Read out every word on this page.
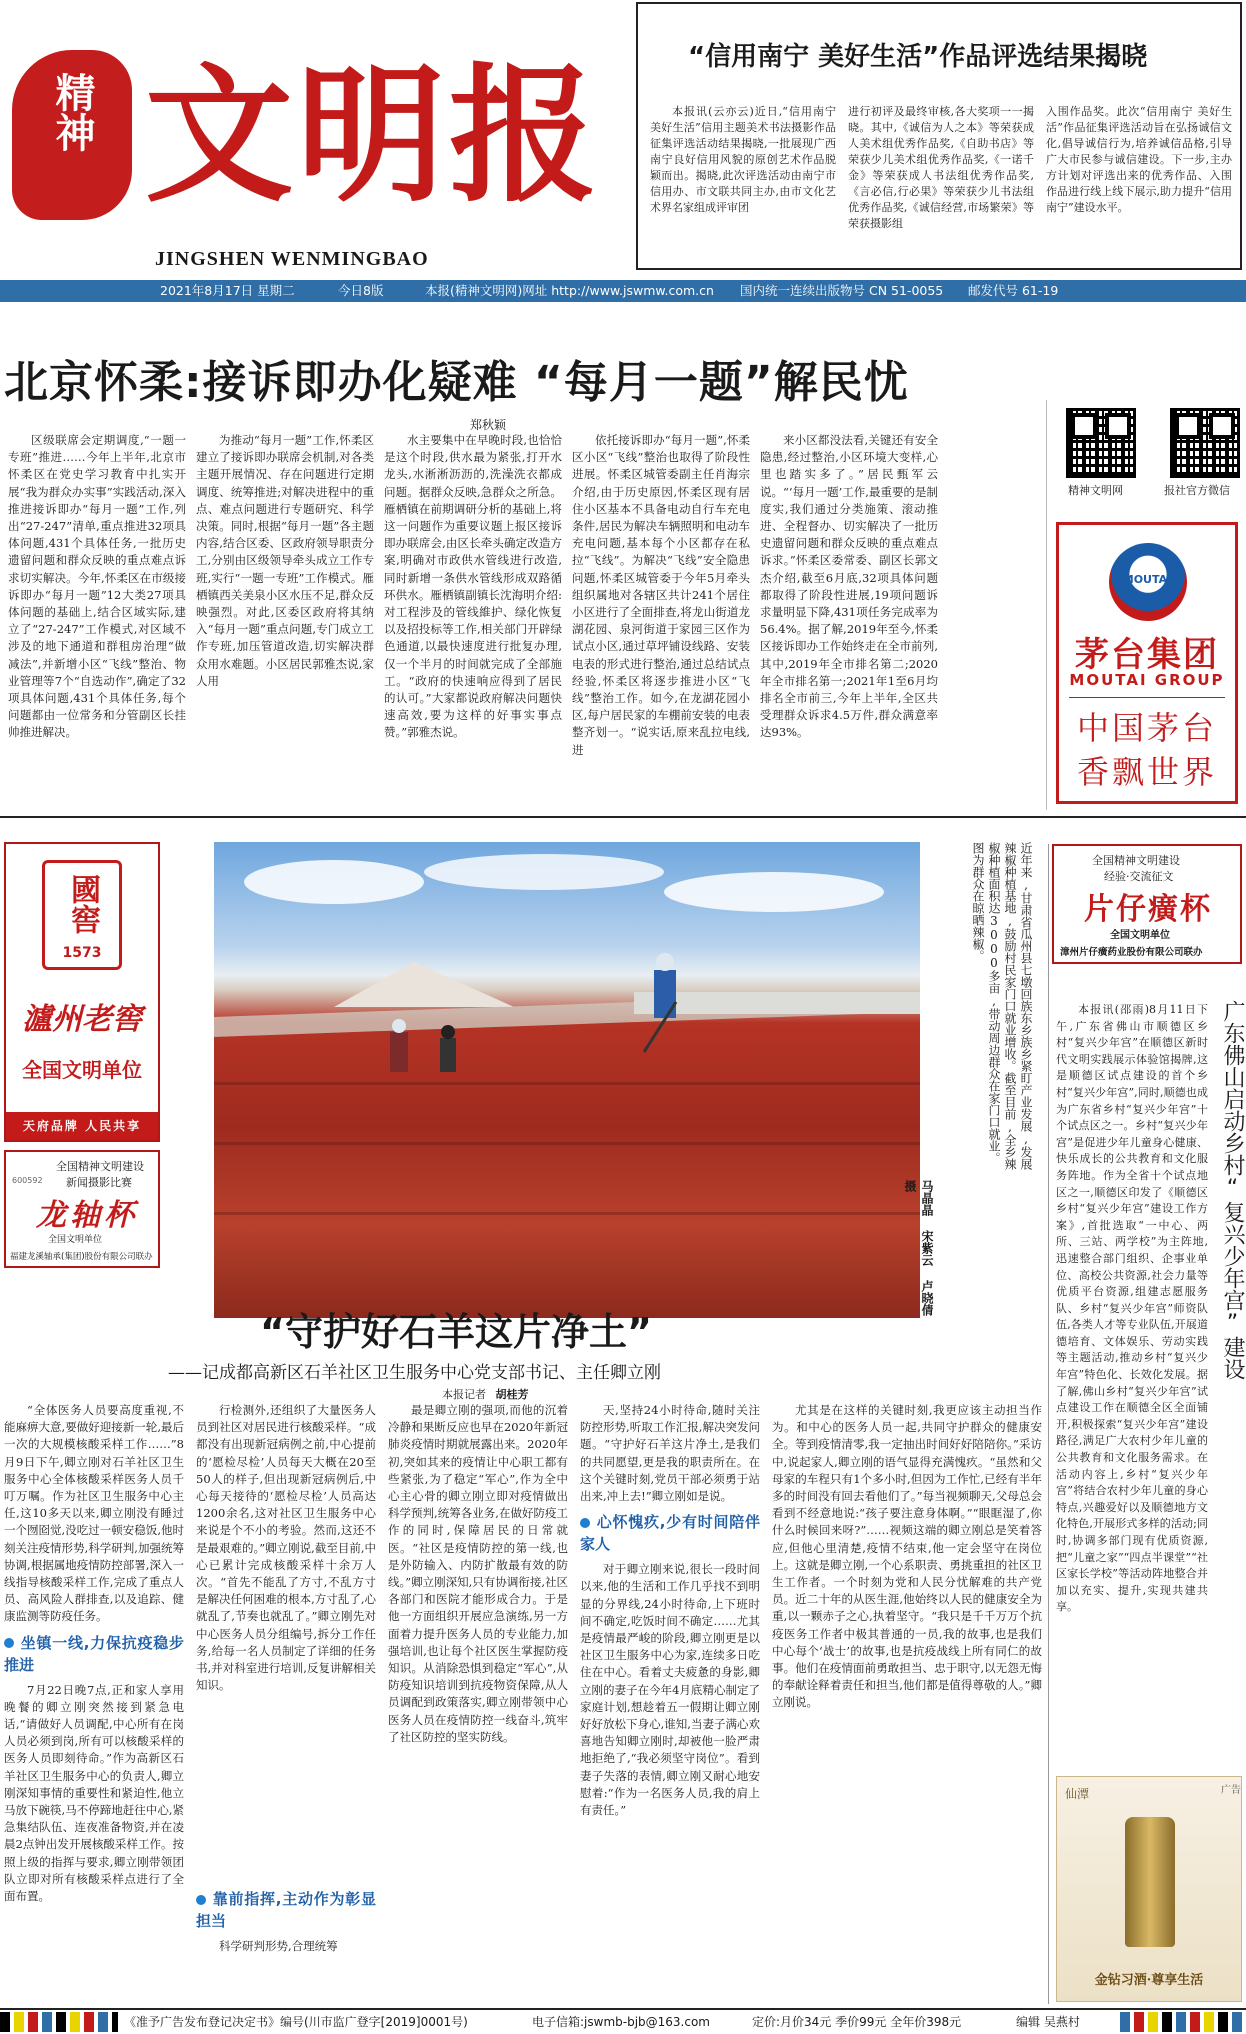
精神 文明报
JINGSHEN WENMINGBAO
“信用南宁 美好生活”作品评选结果揭晓
本报讯(云亦云)近日,“信用南宁 美好生活”信用主题美术书法摄影作品征集评选活动结果揭晓,一批展现广西南宁良好信用风貌的原创艺术作品脱颖而出。揭晓,此次评选活动由南宁市信用办、市文联共同主办,由市文化艺术界名家组成评审团
进行初评及最终审核,各大奖项一一揭晓。其中,《诚信为人之本》等荣获成人美术组优秀作品奖,《自助书店》等荣获少儿美术组优秀作品奖,《一诺千金》等荣获成人书法组优秀作品奖,《言必信,行必果》等荣获少儿书法组优秀作品奖,《诚信经营,市场繁荣》等荣获摄影组
入围作品奖。此次“信用南宁 美好生活”作品征集评选活动旨在弘扬诚信文化,倡导诚信行为,培养诚信品格,引导广大市民参与诚信建设。下一步,主办方计划对评选出来的优秀作品、入围作品进行线上线下展示,助力提升“信用南宁”建设水平。
2021年8月17日 星期二	今日8版	本报(精神文明网)网址 http://www.jswmw.com.cn 国内统一连续出版物号 CN 51-0055 邮发代号 61-19
北京怀柔:接诉即办化疑难 “每月一题”解民忧
郑秋颖

区级联席会定期调度,“一题一专班”推进……今年上半年,北京市怀柔区在党史学习教育中扎实开展“我为群众办实事”实践活动,深入推进接诉即办“每月一题”工作,列出“27-247”清单,重点推进32项具体问题,431个具体任务,一批历史遗留问题和群众反映的重点难点诉求切实解决。今年,怀柔区在市级接诉即办“每月一题”12大类27项具体问题的基础上,结合区域实际,建立了“27-247”工作模式,对区域不涉及的地下通道和群租房治理“做减法”,并新增小区“飞线”整治、物业管理等7个“自选动作”,确定了32项具体问题,431个具体任务,每个问题都由一位常务和分管副区长挂帅推进解决。

为推动“每月一题”工作,怀柔区建立了接诉即办联席会机制,对各类主题开展情况、存在问题进行定期调度、统筹推进;对解决进程中的重点、难点问题进行专题研究、科学决策。同时,根据“每月一题”各主题内容,结合区委、区政府领导职责分工,分别由区级领导牵头成立工作专班,实行“一题一专班”工作模式。雁栖镇西关美泉小区水压不足,群众反映强烈。对此,区委区政府将其纳入“每月一题”重点问题,专门成立工作专班,加压管道改造,切实解决群众用水难题。小区居民郭雅杰说,家人用

水主要集中在早晚时段,也恰恰是这个时段,供水最为紧张,打开水龙头,水淅淅沥沥的,洗澡洗衣都成问题。据群众反映,急群众之所急。雁栖镇在前期调研分析的基础上,将这一问题作为重要议题上报区接诉即办联席会,由区长牵头确定改造方案,明确对市政供水管线进行改造,同时新增一条供水管线形成双路循环供水。雁栖镇副镇长沈海明介绍:对工程涉及的管线維护、绿化恢复以及招投标等工作,相关部门开辟绿色通道,以最快速度进行批复办理,仅一个半月的时间就完成了全部施工。“政府的快速响应得到了居民的认可。”大家都说政府解决问题快速高效,要为这样的好事实事点赞。”郭雅杰说。

依托接诉即办“每月一题”,怀柔区小区“飞线”整治也取得了阶段性进展。怀柔区城管委副主任肖海宗介绍,由于历史原因,怀柔区现有居住小区基本不具备电动自行车充电条件,居民为解决车辆照明和电动车充电问题,基本每个小区都存在私拉“飞线”。为解决“飞线”安全隐患问题,怀柔区城管委于今年5月牵头组织属地对各辖区共计241个居住小区进行了全面排查,将龙山街道龙湖花园、泉河街道于家园三区作为试点小区,通过草坪铺设线路、安装电表的形式进行整治,通过总结试点经验,怀柔区将逐步推进小区“飞线”整治工作。如今,在龙湖花园小区,每户居民家的车棚前安装的电表整齐划一。“说实话,原来乱拉电线,进

来小区都没法看,关键还有安全隐患,经过整治,小区环境大变样,心里也踏实多了。”居民甄军云说。“‘每月一题’工作,最重要的是制度实,我们通过分类施策、滚动推进、全程督办、切实解决了一批历史遗留问题和群众反映的重点难点诉求。”怀柔区委常委、副区长郭文杰介绍,截至6月底,32项具体问题都取得了阶段性进展,19项问题诉求量明显下降,431项任务完成率为56.4%。据了解,2019年至今,怀柔区接诉即办工作始终走在全市前列,其中,2019年全市排名第二;2020年全市排名第一;2021年1至6月均排名全市前三,今年上半年,全区共受理群众诉求4.5万件,群众满意率达93%。

精神文明网	报社官方微信
MOUTAI
茅台集团
MOUTAI GROUP
中国茅台
香飘世界
國窖
1573
瀘州老窖
全国文明单位
天府品牌 人民共享
全国精神文明建设
新闻摄影比赛
600592
龙轴杯
全国文明单位
福建龙溪轴承(集团)股份有限公司联办
近年来,甘肃省瓜州县七墩回族东乡族乡紧盯产业发展,发展辣椒种植基地,鼓励村民家门口就业增收。截至目前,全乡辣椒种植面积达3000多亩,带动周边群众在家门口就业。图为群众在晾晒辣椒。
马晶晶 宋紫云 卢晓倩 摄
全国精神文明建设
经验·交流征文
片仔癀杯
全国文明单位
漳州片仔癀药业股份有限公司联办
广东佛山启动乡村“复兴少年宫”建设

本报讯(邵雨)8月11日下午,广东省佛山市顺德区乡村“复兴少年宫”在顺德区新时代文明实践展示体验馆揭牌,这是顺德区试点建设的首个乡村“复兴少年宫”,同时,顺德也成为广东省乡村“复兴少年宫”十个试点区之一。乡村“复兴少年宫”是促进少年儿童身心健康、快乐成长的公共教育和文化服务阵地。作为全省十个试点地区之一,顺德区印发了《顺德区乡村“复兴少年宫”建设工作方案》,首批选取“一中心、两所、三站、两学校”为主阵地,迅速整合部门组织、企事业单位、高校公共资源,社会力量等优质平台资源,组建志愿服务队、乡村“复兴少年宫”师资队伍,各类人才等专业队伍,开展道德培育、文体娱乐、劳动实践等主题活动,推动乡村“复兴少年宫”特色化、长效化发展。据了解,佛山乡村“复兴少年宫”试点建设工作在顺德全区全面铺开,积极探索“复兴少年宫”建设路径,满足广大农村少年儿童的公共教育和文化服务需求。在活动内容上,乡村“复兴少年宫”将结合农村少年儿童的身心特点,兴趣爱好以及顺德地方文化特色,开展形式多样的活动;同时,协调多部门现有优质资源,把“儿童之家”“四点半课堂”“社区家长学校”等活动阵地整合并加以充实、提升,实现共建共享。

广告
仙潭
金钻习酒·尊享生活
“守护好石羊这片净土”
——记成都高新区石羊社区卫生服务中心党支部书记、主任卿立刚
本报记者 胡桂芳

“全体医务人员要高度重视,不能麻痹大意,要做好迎接新一轮,最后一次的大规模核酸采样工作……”8月9日下午,卿立刚对石羊社区卫生服务中心全体核酸采样医务人员千叮万嘱。作为社区卫生服务中心主任,这10多天以来,卿立刚没有睡过一个囫囵觉,没吃过一顿安稳饭,他时刻关注疫情形势,科学研判,加强统筹协调,根据属地疫情防控部署,深入一线指导核酸采样工作,完成了重点人员、高风险人群排查,以及追踪、健康监测等防疫任务。

坐镇一线,力保抗疫稳步推进

7月22日晚7点,正和家人享用晚餐的卿立刚突然接到紧急电话,“请做好人员调配,中心所有在岗人员必须到岗,所有可以核酸采样的医务人员即刻待命。”作为高新区石羊社区卫生服务中心的负责人,卿立刚深知事情的重要性和紧迫性,他立马放下碗筷,马不停蹄地赶往中心,紧急集结队伍、连夜准备物资,并在凌晨2点钟出发开展核酸采样工作。按照上级的指挥与要求,卿立刚带领团队立即对所有核酸采样点进行了全面布置。

行检测外,还组织了大量医务人员到社区对居民进行核酸采样。“成都没有出现新冠病例之前,中心提前的‘愿检尽检’人员每天大概在20至50人的样子,但出现新冠病例后,中心每天接待的‘愿检尽检’人员高达1200余名,这对社区卫生服务中心来说是个不小的考验。然而,这还不是最艰难的。”卿立刚说,截至目前,中心已累计完成核酸采样十余万人次。“首先不能乱了方寸,不乱方寸是解决任何困难的根本,方寸乱了,心就乱了,节奏也就乱了。”卿立刚先对中心医务人员分组编号,拆分工作任务,给每一名人员制定了详细的任务书,并对科室进行培训,反复讲解相关知识。

靠前指挥,主动作为彰显担当

科学研判形势,合理统筹

最是卿立刚的强项,而他的沉着冷静和果断反应也早在2020年新冠肺炎疫情时期就展露出来。2020年初,突如其来的疫情让中心职工都有些紧张,为了稳定“军心”,作为全中心主心骨的卿立刚立即对疫情做出科学预判,统筹各业务,在做好防疫工作的同时,保障居民的日常就医。“社区是疫情防控的第一线,也是外防输入、内防扩散最有效的防线。”卿立刚深知,只有协调衔接,社区各部门和医院才能形成合力。于是他一方面组织开展应急演练,另一方面着力提升医务人员的专业能力,加强培训,也让每个社区医生掌握防疫知识。从消除恐惧到稳定“军心”,从防疫知识培训到抗疫物资保障,从人员调配到政策落实,卿立刚带领中心医务人员在疫情防控一线奋斗,筑牢了社区防控的坚实防线。

天,坚持24小时待命,随时关注防控形势,听取工作汇报,解决突发问题。“守护好石羊这片净土,是我们的共同愿望,更是我的职责所在。在这个关键时刻,党员干部必须勇于站出来,冲上去!”卿立刚如是说。

心怀愧疚,少有时间陪伴家人

对于卿立刚来说,很长一段时间以来,他的生活和工作几乎找不到明显的分界线,24小时待命,上下班时间不确定,吃饭时间不确定……尤其是疫情最严峻的阶段,卿立刚更是以社区卫生服务中心为家,连续多日吃住在中心。看着丈夫疲惫的身影,卿立刚的妻子在今年4月底精心制定了家庭计划,想趁着五一假期让卿立刚好好放松下身心,谁知,当妻子满心欢喜地告知卿立刚时,却被他一脸严肃地拒绝了,“我必须坚守岗位”。看到妻子失落的表情,卿立刚又耐心地安慰着:“作为一名医务人员,我的肩上有责任。”

尤其是在这样的关键时刻,我更应该主动担当作为。和中心的医务人员一起,共同守护群众的健康安全。等到疫情清零,我一定抽出时间好好陪陪你。”采访中,说起家人,卿立刚的语气显得充满愧疚。“虽然和父母家的车程只有1个多小时,但因为工作忙,已经有半年多的时间没有回去看他们了。”每当视频聊天,父母总会看到不经意地说:“孩子要注意身体啊。”“眼眶湿了,你什么时候回来呀?”……视频这端的卿立刚总是笑着答应,但他心里清楚,疫情不结束,他一定会坚守在岗位上。这就是卿立刚,一个心系职责、勇挑重担的社区卫生工作者。一个时刻为党和人民分忧解难的共产党员。近二十年的从医生涯,他始终以人民的健康安全为重,以一颗赤子之心,执着坚守。“我只是千千万万个抗疫医务工作者中极其普通的一员,我的故事,也是我们中心每个‘战士’的故事,也是抗疫战线上所有同仁的故事。他们在疫情面前勇敢担当、忠于职守,以无怨无悔的奉献诠释着责任和担当,他们都是值得尊敬的人。”卿立刚说。

《准予广告发布登记决定书》编号(川市监广登字[2019]0001号)	电子信箱:jswmb-bjb@163.com	定价:月价34元 季价99元 全年价398元	编辑 吴燕村
